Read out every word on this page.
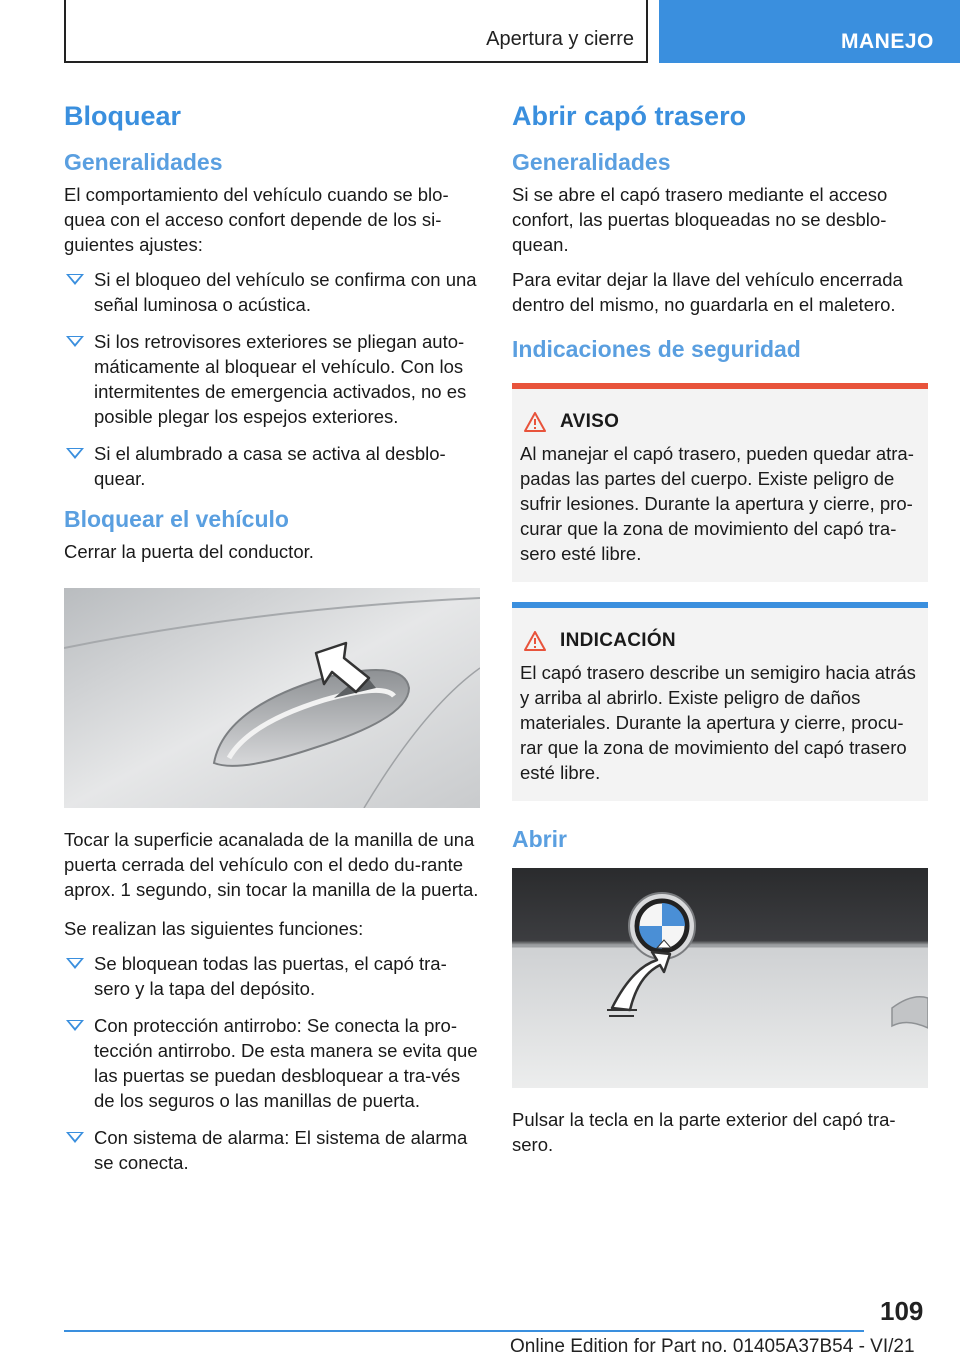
Apertura y cierre	MANEJO
Bloquear
Generalidades

El comportamiento del vehículo cuando se blo-quea con el acceso confort depende de los si-guientes ajustes:

Si el bloqueo del vehículo se confirma con una señal luminosa o acústica.
Si los retrovisores exteriores se pliegan auto-máticamente al bloquear el vehículo. Con los intermitentes de emergencia activados, no es posible plegar los espejos exteriores.
Si el alumbrado a casa se activa al desblo-quear.
Bloquear el vehículo

Cerrar la puerta del conductor.

Tocar la superficie acanalada de la manilla de una puerta cerrada del vehículo con el dedo du-rante aprox. 1 segundo, sin tocar la manilla de la puerta.

Se realizan las siguientes funciones:

Se bloquean todas las puertas, el capó tra-sero y la tapa del depósito.
Con protección antirrobo: Se conecta la pro-tección antirrobo. De esta manera se evita que las puertas se puedan desbloquear a tra-vés de los seguros o las manillas de puerta.
Con sistema de alarma: El sistema de alarma se conecta.
Abrir capó trasero
Generalidades

Si se abre el capó trasero mediante el acceso confort, las puertas bloqueadas no se desblo-quean.

Para evitar dejar la llave del vehículo encerrada dentro del mismo, no guardarla en el maletero.

Indicaciones de seguridad
AVISO

Al manejar el capó trasero, pueden quedar atra-padas las partes del cuerpo. Existe peligro de sufrir lesiones. Durante la apertura y cierre, pro-curar que la zona de movimiento del capó tra-sero esté libre.

INDICACIÓN

El capó trasero describe un semigiro hacia atrás y arriba al abrirlo. Existe peligro de daños materiales. Durante la apertura y cierre, procu-rar que la zona de movimiento del capó trasero esté libre.

Abrir

Pulsar la tecla en la parte exterior del capó tra-sero.

109
Online Edition for Part no. 01405A37B54 - VI/21
